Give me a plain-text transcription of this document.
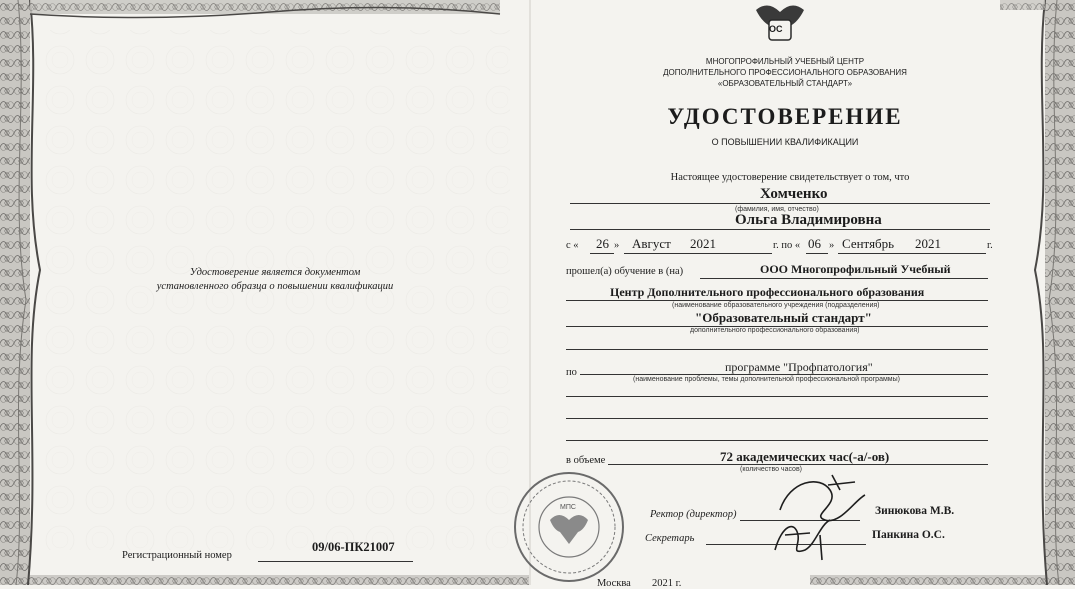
ОС
МНОГОПРОФИЛЬНЫЙ УЧЕБНЫЙ ЦЕНТР
ДОПОЛНИТЕЛЬНОГО ПРОФЕССИОНАЛЬНОГО ОБРАЗОВАНИЯ
«ОБРАЗОВАТЕЛЬНЫЙ СТАНДАРТ»
УДОСТОВЕРЕНИЕ
О ПОВЫШЕНИИ КВАЛИФИКАЦИИ
Настоящее удостоверение свидетельствует о том, что
Хомченко
(фамилия, имя, отчество)
Ольга Владимировна
с « 26 » Август 2021	г. по « 06 » Сентябрь 2021	г.
прошел(а) обучение в (на)	ООО Многопрофильный Учебный
Центр Дополнительного профессионального образования
(наименование образовательного учреждения (подразделения)
"Образовательный стандарт"
дополнительного профессионального образования)
по	программе "Профпатология"
(наименование проблемы, темы дополнительной профессиональной программы)
в объеме	72 академических час(-а/-ов)
(количество часов)
МПС
Ректор (директор)	Зинюкова М.В.
Секретарь	Панкина О.С.
Удостоверение является документом
установленного образца о повышении квалификации
Регистрационный номер
09/06-ПК21007
Москва 2021 г.
